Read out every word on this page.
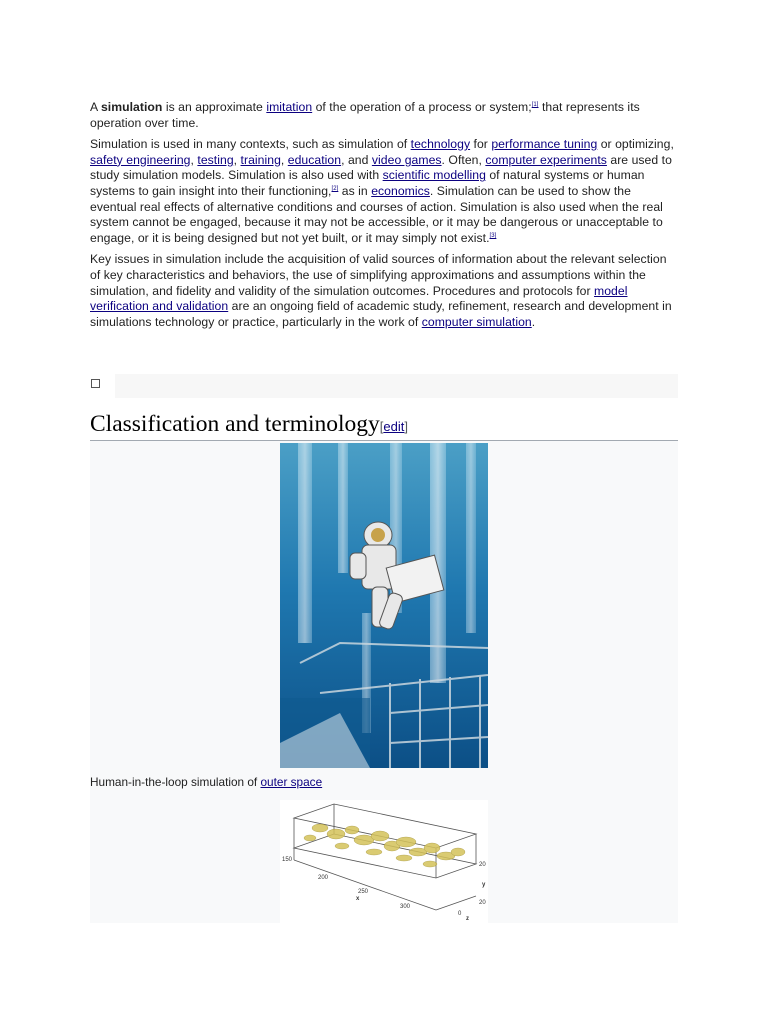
A simulation is an approximate imitation of the operation of a process or system;[1] that represents its operation over time.

Simulation is used in many contexts, such as simulation of technology for performance tuning or optimizing, safety engineering, testing, training, education, and video games. Often, computer experiments are used to study simulation models. Simulation is also used with scientific modelling of natural systems or human systems to gain insight into their functioning,[2] as in economics. Simulation can be used to show the eventual real effects of alternative conditions and courses of action. Simulation is also used when the real system cannot be engaged, because it may not be accessible, or it may be dangerous or unacceptable to engage, or it is being designed but not yet built, or it may simply not exist.[3]

Key issues in simulation include the acquisition of valid sources of information about the relevant selection of key characteristics and behaviors, the use of simplifying approximations and assumptions within the simulation, and fidelity and validity of the simulation outcomes. Procedures and protocols for model verification and validation are an ongoing field of academic study, refinement, research and development in simulations technology or practice, particularly in the work of computer simulation.

Classification and terminology[edit]
Human-in-the-loop simulation of outer space
150
200
250
300
20
20
0
x
y
z
